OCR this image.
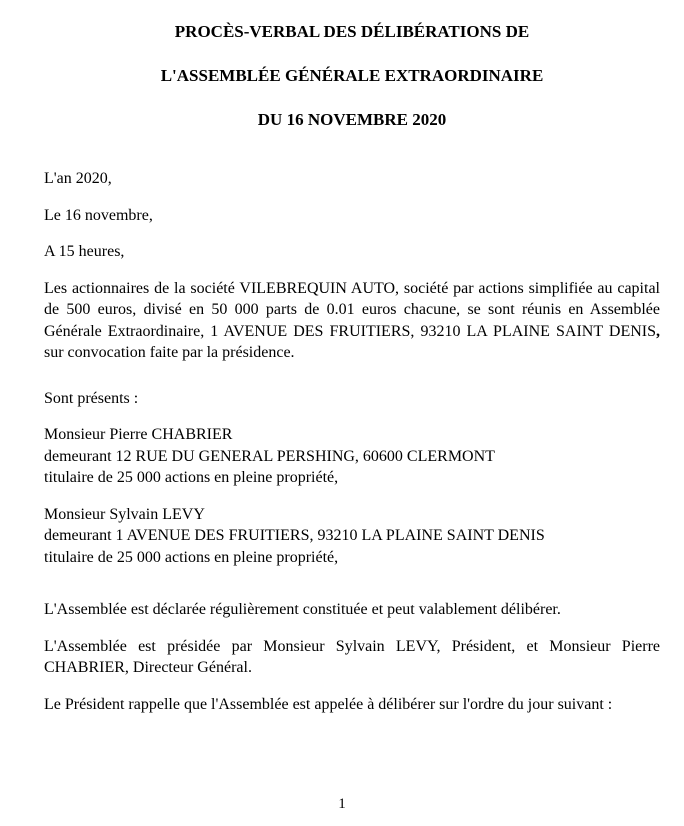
PROCÈS-VERBAL DES DÉLIBÉRATIONS DE

L'ASSEMBLÉE GÉNÉRALE EXTRAORDINAIRE

DU 16 NOVEMBRE 2020

L'an 2020,

Le 16 novembre,

A 15 heures,

Les actionnaires de la société VILEBREQUIN AUTO, société par actions simplifiée au capital

de 500 euros, divisé en 50 000 parts de 0.01 euros chacune, se sont réunis en Assemblée

Générale Extraordinaire, 1 AVENUE DES FRUITIERS, 93210 LA PLAINE SAINT DENIS,

sur convocation faite par la présidence.

Sont présents :

Monsieur Pierre CHABRIER

demeurant 12 RUE DU GENERAL PERSHING, 60600 CLERMONT

titulaire de 25 000 actions en pleine propriété,

Monsieur Sylvain LEVY

demeurant 1 AVENUE DES FRUITIERS, 93210 LA PLAINE SAINT DENIS

titulaire de 25 000 actions en pleine propriété,

L'Assemblée est déclarée régulièrement constituée et peut valablement délibérer.

L'Assemblée est présidée par Monsieur Sylvain LEVY, Président, et Monsieur Pierre

CHABRIER, Directeur Général.

Le Président rappelle que l'Assemblée est appelée à délibérer sur l'ordre du jour suivant :

1
